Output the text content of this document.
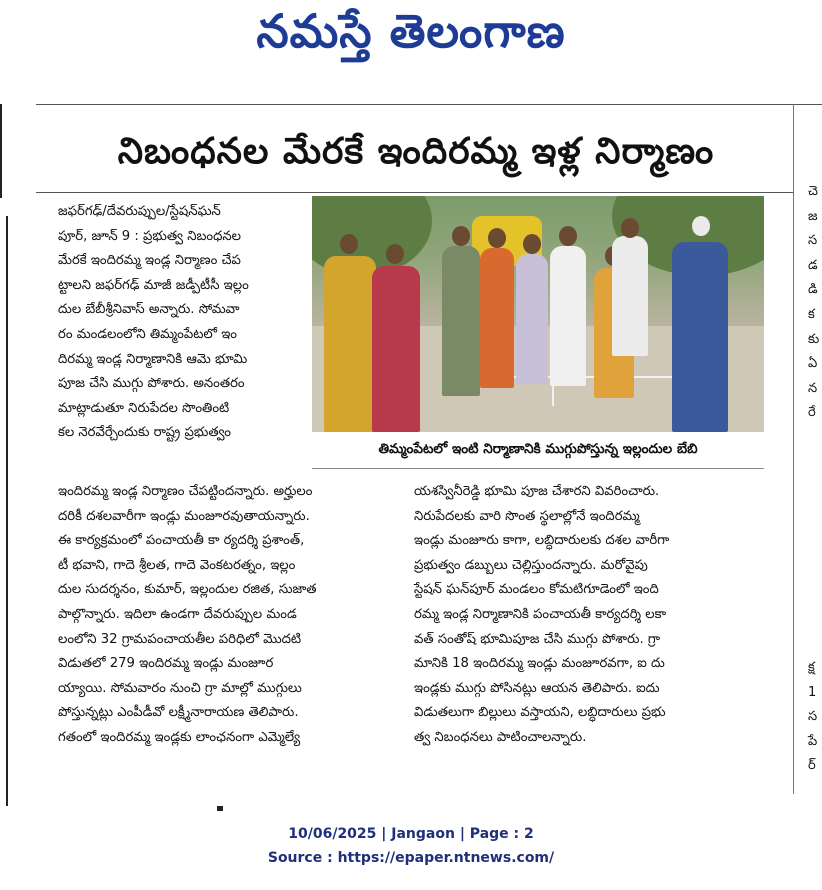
నమస్తే తెలంగాణ
నిబంధనల మేరకే ఇందిరమ్మ ఇళ్ల నిర్మాణం

జఫర్‌గఢ్/దేవరుప్పుల/స్టేషన్‌ఘన్

పూర్, జూన్ 9 : ప్రభుత్వ నిబంధనల

మేరకే ఇందిరమ్మ ఇండ్ల నిర్మాణం చేప

ట్టాలని జఫర్‌గఢ్ మాజీ జడ్పీటీసీ ఇల్లం

దుల బేబీశ్రీనివాస్ అన్నారు. సోమవా

రం మండలంలోని తిమ్మంపేటలో ఇం

దిరమ్మ ఇండ్ల నిర్మాణానికి ఆమె భూమి

పూజ చేసి ముగ్గు పోశారు. అనంతరం

మాట్లాడుతూ నిరుపేదల సొంతింటి

కల నెరవేర్చేందుకు రాష్ట్ర ప్రభుత్వం

తిమ్మంపేటలో ఇంటి నిర్మాణానికి ముగ్గుపోస్తున్న ఇల్లందుల బేబి

ఇందిరమ్మ ఇండ్ల నిర్మాణం చేపట్టిందన్నారు. అర్హులం

దరికీ దశలవారీగా ఇండ్లు మంజూరవుతాయన్నారు.

ఈ కార్యక్రమంలో పంచాయతీ కా ర్యదర్శి ప్రశాంత్,

టీ భవాని, గాదె శ్రీలత, గాదె వెంకటరత్నం, ఇల్లం

దుల సుదర్శనం, కుమార్, ఇల్లందుల రజిత, సుజాత

పాల్గొన్నారు. ఇదిలా ఉండగా దేవరుప్పుల మండ

లంలోని 32 గ్రామపంచాయతీల పరిధిలో మొదటి

విడుతలో 279 ఇందిరమ్మ ఇండ్లు మంజూర

య్యాయి. సోమవారం నుంచి గ్రా మాల్లో ముగ్గులు

పోస్తున్నట్లు ఎంపీడీవో లక్ష్మీనారాయణ తెలిపారు.

గతంలో ఇందిరమ్మ ఇండ్లకు లాంఛనంగా ఎమ్మెల్యే

యశస్వినీరెడ్డి భూమి పూజ చేశారని వివరించారు.

నిరుపేదలకు వారి సొంత స్థలాల్లోనే ఇందిరమ్మ

ఇండ్లు మంజూరు కాగా, లబ్ధిదారులకు దశల వారీగా

ప్రభుత్వం డబ్బులు చెల్లిస్తుందన్నారు. మరోవైపు

స్టేషన్ ఘన్‌పూర్ మండలం కోమటిగూడెంలో ఇంది

రమ్మ ఇండ్ల నిర్మాణానికి పంచాయతీ కార్యదర్శి లకా

వత్ సంతోష్ భూమిపూజ చేసి ముగ్గు పోశారు. గ్రా

మానికి 18 ఇందిరమ్మ ఇండ్లు మంజూరవగా, ఐ దు

ఇండ్లకు ముగ్గు పోసినట్లు ఆయన తెలిపారు. ఐదు

విడుతలుగా బిల్లులు వస్తాయని, లబ్ధిదారులు ప్రభు

త్వ నిబంధనలు పాటించాలన్నారు.

చె
జ
స
డ
డి
క
కు
ఏ
న
రే
క్ష
1
స
పే
ర్
10/06/2025 | Jangaon | Page : 2
Source : https://epaper.ntnews.com/
